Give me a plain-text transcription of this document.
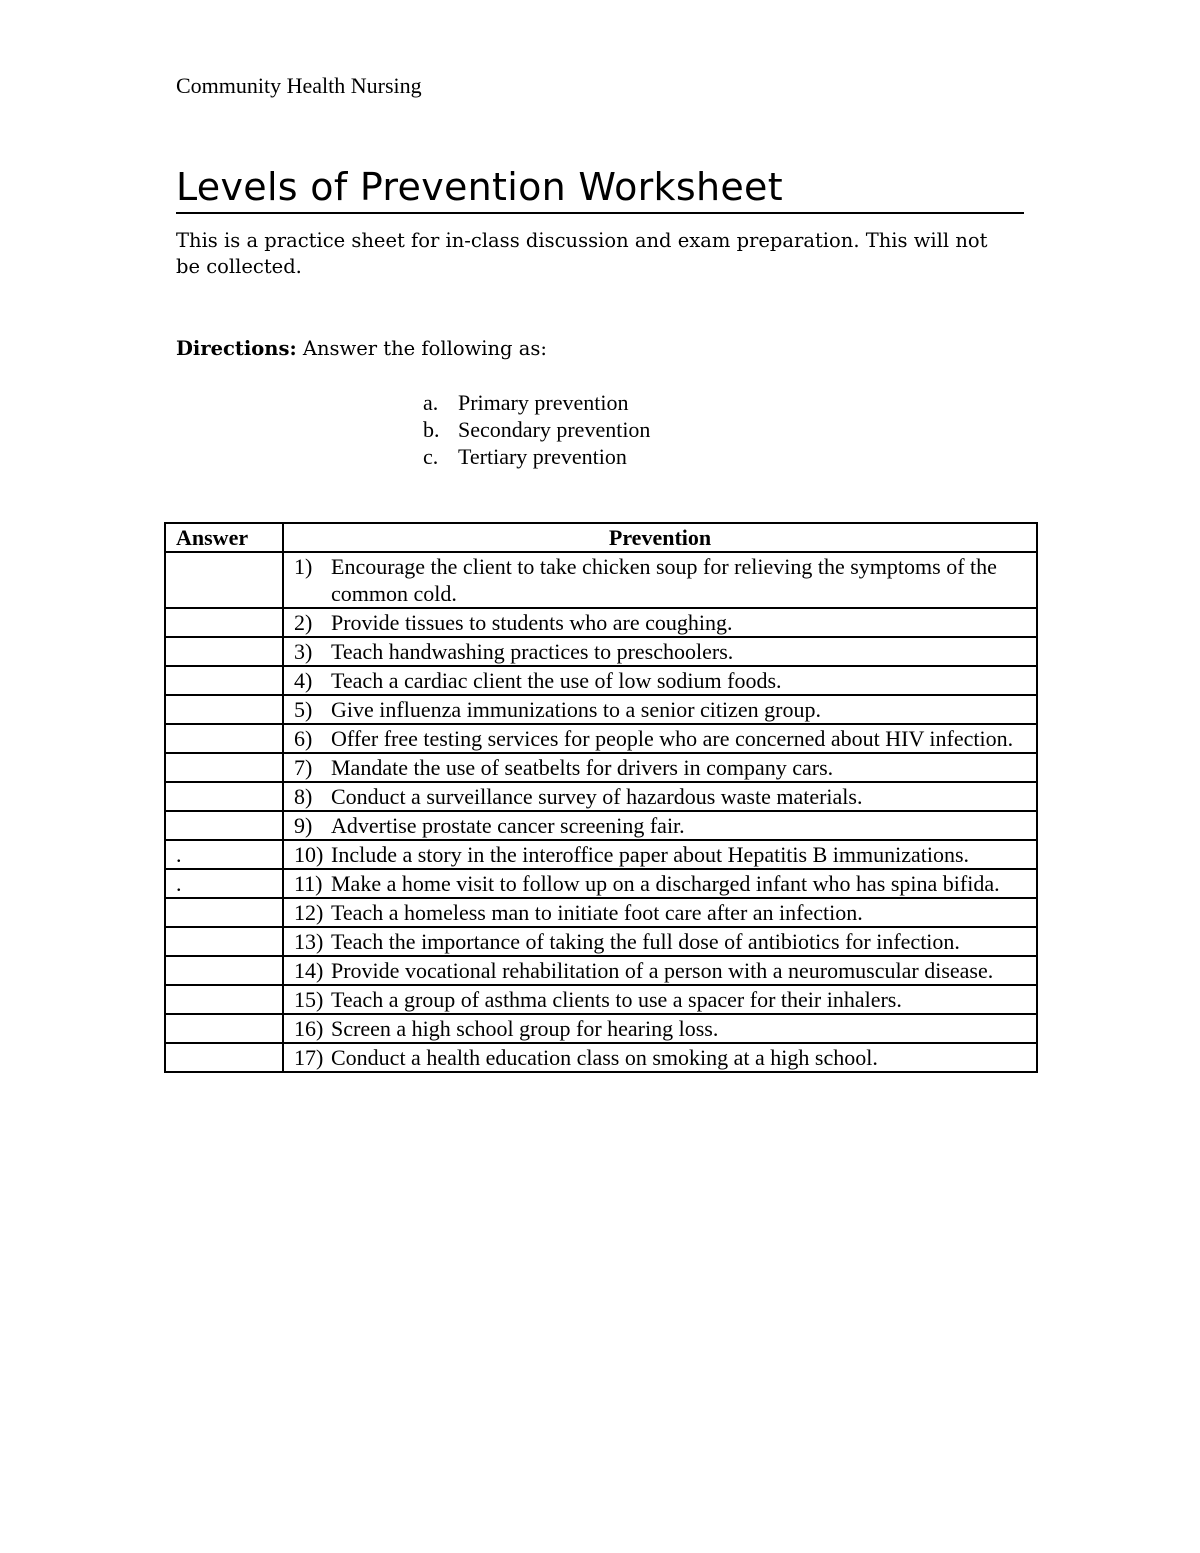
Community Health Nursing
Levels of Prevention Worksheet
This is a practice sheet for in-class discussion and exam preparation. This will not be collected.
Directions: Answer the following as:
a. Primary prevention
b. Secondary prevention
c. Tertiary prevention
Answer	Prevention

	1) Encourage the client to take chicken soup for relieving the symptoms of the common cold.

	2) Provide tissues to students who are coughing.

	3) Teach handwashing practices to preschoolers.

	4) Teach a cardiac client the use of low sodium foods.

	5) Give influenza immunizations to a senior citizen group.

	6) Offer free testing services for people who are concerned about HIV infection.

	7) Mandate the use of seatbelts for drivers in company cars.

	8) Conduct a surveillance survey of hazardous waste materials.

	9) Advertise prostate cancer screening fair.

.	10) Include a story in the interoffice paper about Hepatitis B immunizations.

.	11) Make a home visit to follow up on a discharged infant who has spina bifida.

	12) Teach a homeless man to initiate foot care after an infection.

	13) Teach the importance of taking the full dose of antibiotics for infection.

	14) Provide vocational rehabilitation of a person with a neuromuscular disease.

	15) Teach a group of asthma clients to use a spacer for their inhalers.

	16) Screen a high school group for hearing loss.

	17) Conduct a health education class on smoking at a high school.
